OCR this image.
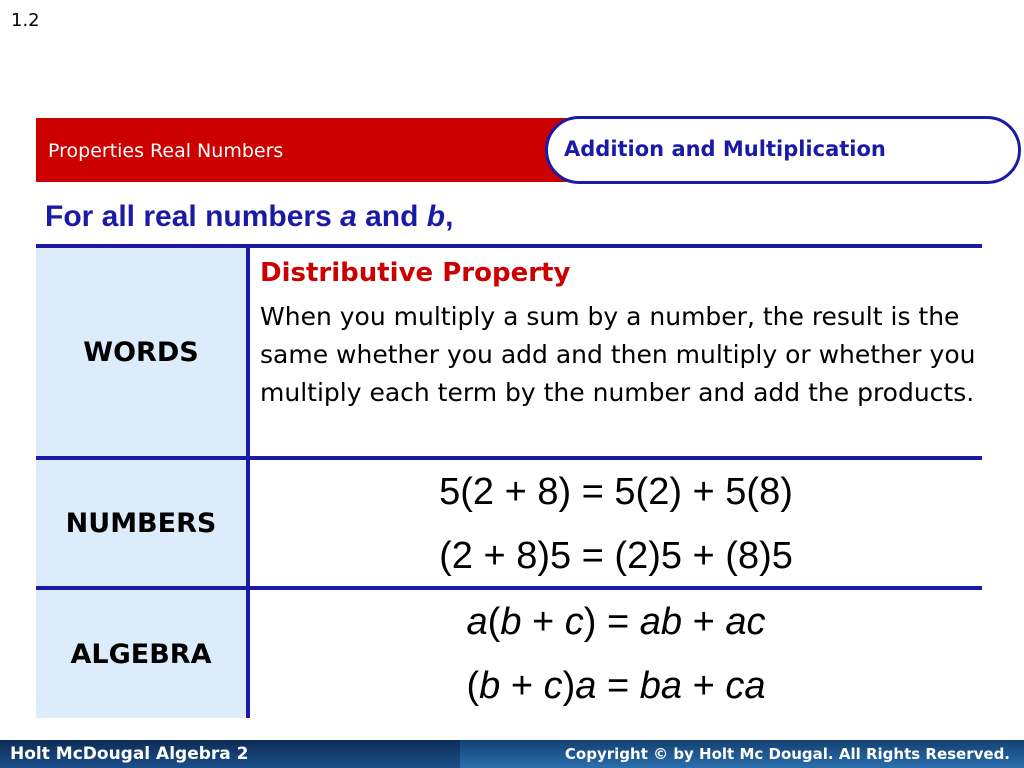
1.2
Properties Real Numbers	Addition and Multiplication
For all real numbers a and b,
WORDS
Distributive Property
When you multiply a sum by a number, the result is the same whether you add and then multiply or whether you multiply each term by the number and add the products.
NUMBERS
5(2 + 8) = 5(2) + 5(8)
(2 + 8)5 = (2)5 + (8)5
ALGEBRA
a(b + c) = ab + ac
(b + c)a = ba + ca
Holt McDougal Algebra 2	Copyright © by Holt Mc Dougal. All Rights Reserved.
